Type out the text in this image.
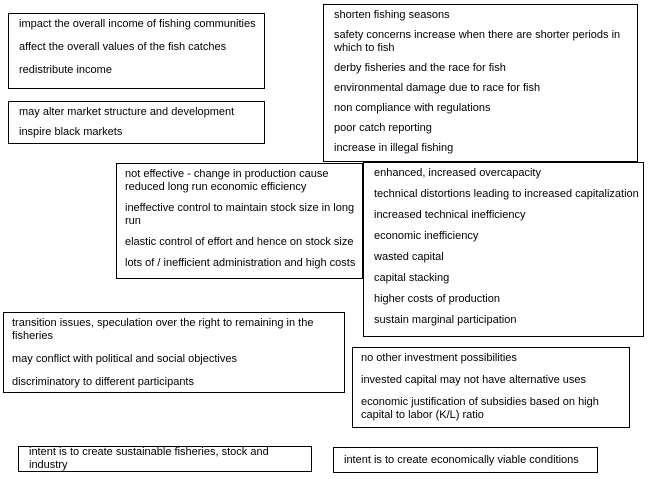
impact the overall income of fishing communities
affect the overall values of the fish catches
redistribute income
may alter market structure and development
inspire black markets
shorten fishing seasons
safety concerns increase when there are shorter periods in which to fish
derby fisheries and the race for fish
environmental damage due to race for fish
non compliance with regulations
poor catch reporting
increase in illegal fishing
not effective - change in production cause reduced long run economic efficiency
ineffective control to maintain stock size in long run
elastic control of effort and hence on stock size
lots of / inefficient administration and high costs
enhanced, increased overcapacity
technical distortions leading to increased capitalization
increased technical inefficiency
economic inefficiency
wasted capital
capital stacking
higher costs of production
sustain marginal participation
transition issues, speculation over the right to remaining in the fisheries
may conflict with political and social objectives
discriminatory to different participants
no other investment possibilities
invested capital may not have alternative uses
economic justification of subsidies based on high capital to labor (K/L) ratio
intent is to create sustainable fisheries, stock and industry	intent is to create economically viable conditions
